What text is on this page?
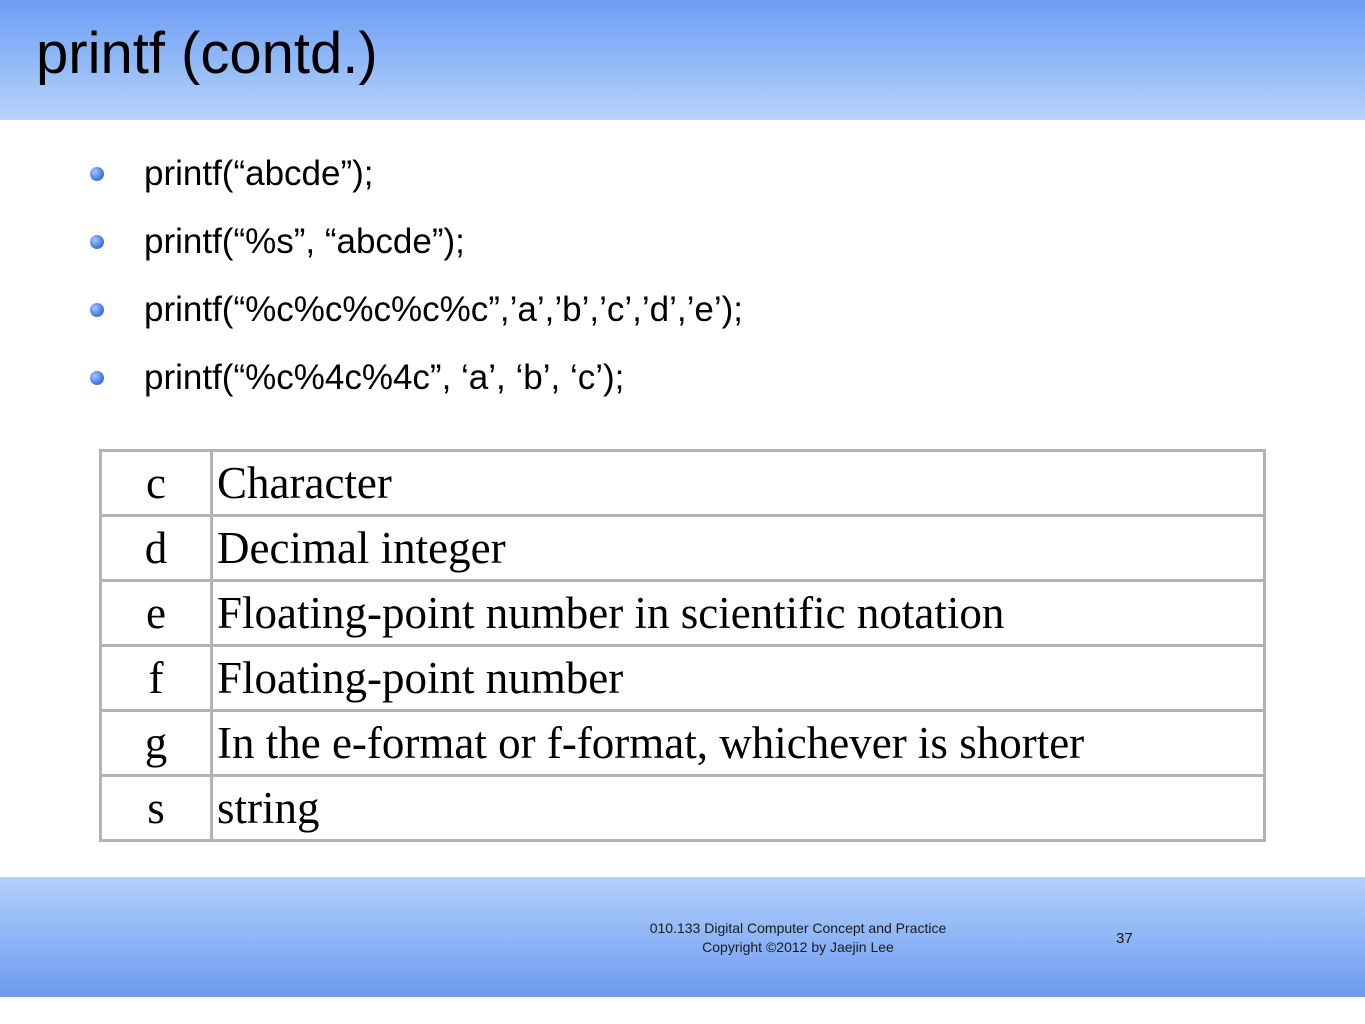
printf (contd.)
printf(“abcde”);
printf(“%s”, “abcde”);
printf(“%c%c%c%c%c”,’a’,’b’,’c’,’d’,’e’);
printf(“%c%4c%4c”, ‘a’, ‘b’, ‘c’);
c	Character
d	Decimal integer
e	Floating-point number in scientific notation
f	Floating-point number
g	In the e-format or f-format, whichever is shorter
s	string
010.133 Digital Computer Concept and Practice
Copyright ©2012 by Jaejin Lee	37
